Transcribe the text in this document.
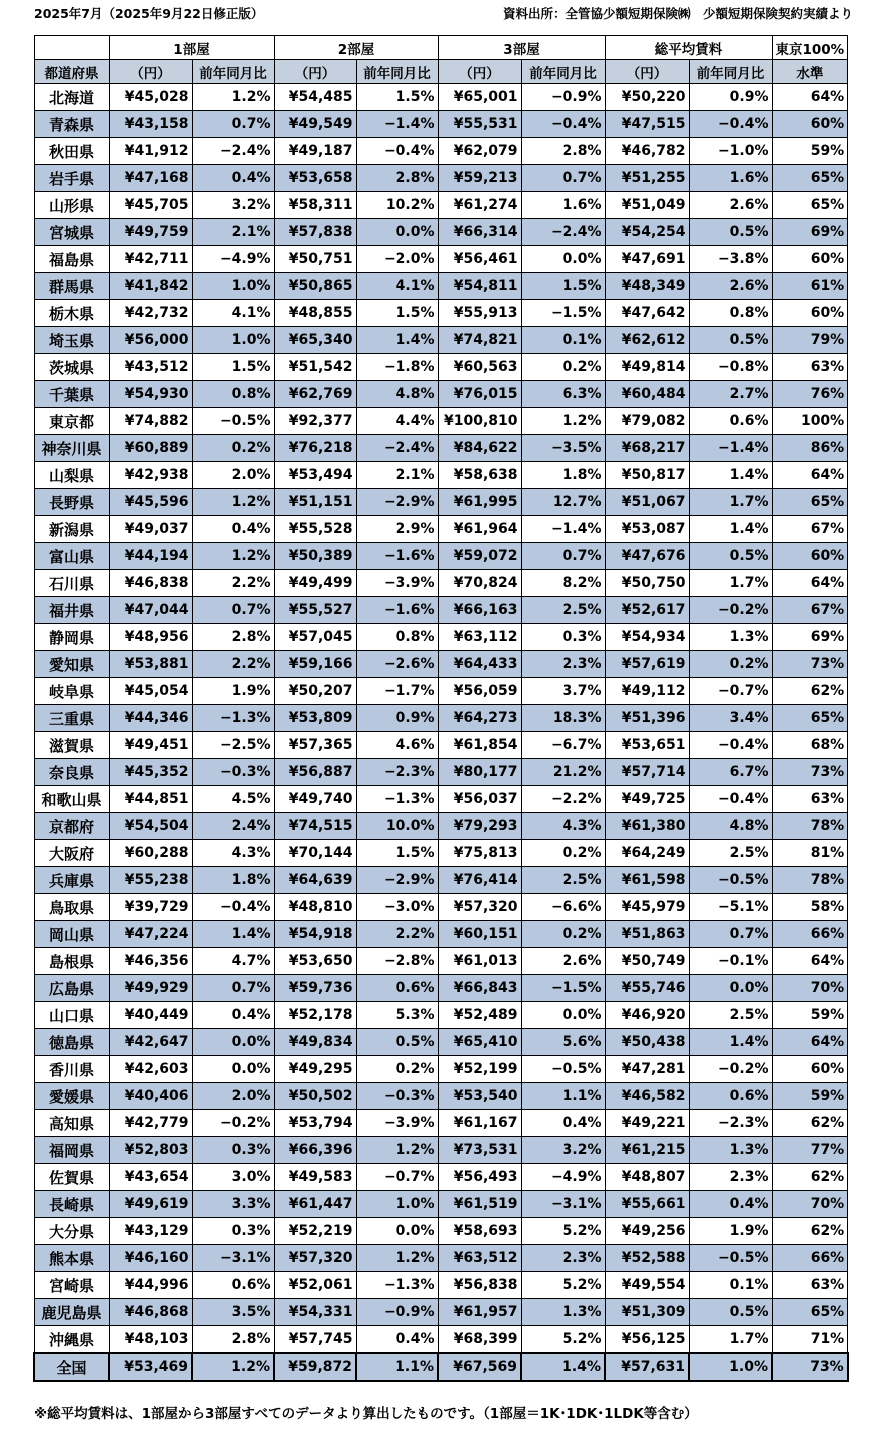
2025年7月（2025年9月22日修正版）	資料出所：全管協少額短期保険㈱　少額短期保険契約実績より
	1部屋		2部屋		3部屋		総平均賃料		東京100%
都道府県	（円）	前年同月比	（円）	前年同月比	（円）	前年同月比	（円）	前年同月比	水準
北海道	¥45,028	1.2%	¥54,485	1.5%	¥65,001	−0.9%	¥50,220	0.9%	64%
青森県	¥43,158	0.7%	¥49,549	−1.4%	¥55,531	−0.4%	¥47,515	−0.4%	60%
秋田県	¥41,912	−2.4%	¥49,187	−0.4%	¥62,079	2.8%	¥46,782	−1.0%	59%
岩手県	¥47,168	0.4%	¥53,658	2.8%	¥59,213	0.7%	¥51,255	1.6%	65%
山形県	¥45,705	3.2%	¥58,311	10.2%	¥61,274	1.6%	¥51,049	2.6%	65%
宮城県	¥49,759	2.1%	¥57,838	0.0%	¥66,314	−2.4%	¥54,254	0.5%	69%
福島県	¥42,711	−4.9%	¥50,751	−2.0%	¥56,461	0.0%	¥47,691	−3.8%	60%
群馬県	¥41,842	1.0%	¥50,865	4.1%	¥54,811	1.5%	¥48,349	2.6%	61%
栃木県	¥42,732	4.1%	¥48,855	1.5%	¥55,913	−1.5%	¥47,642	0.8%	60%
埼玉県	¥56,000	1.0%	¥65,340	1.4%	¥74,821	0.1%	¥62,612	0.5%	79%
茨城県	¥43,512	1.5%	¥51,542	−1.8%	¥60,563	0.2%	¥49,814	−0.8%	63%
千葉県	¥54,930	0.8%	¥62,769	4.8%	¥76,015	6.3%	¥60,484	2.7%	76%
東京都	¥74,882	−0.5%	¥92,377	4.4%	¥100,810	1.2%	¥79,082	0.6%	100%
神奈川県	¥60,889	0.2%	¥76,218	−2.4%	¥84,622	−3.5%	¥68,217	−1.4%	86%
山梨県	¥42,938	2.0%	¥53,494	2.1%	¥58,638	1.8%	¥50,817	1.4%	64%
長野県	¥45,596	1.2%	¥51,151	−2.9%	¥61,995	12.7%	¥51,067	1.7%	65%
新潟県	¥49,037	0.4%	¥55,528	2.9%	¥61,964	−1.4%	¥53,087	1.4%	67%
富山県	¥44,194	1.2%	¥50,389	−1.6%	¥59,072	0.7%	¥47,676	0.5%	60%
石川県	¥46,838	2.2%	¥49,499	−3.9%	¥70,824	8.2%	¥50,750	1.7%	64%
福井県	¥47,044	0.7%	¥55,527	−1.6%	¥66,163	2.5%	¥52,617	−0.2%	67%
静岡県	¥48,956	2.8%	¥57,045	0.8%	¥63,112	0.3%	¥54,934	1.3%	69%
愛知県	¥53,881	2.2%	¥59,166	−2.6%	¥64,433	2.3%	¥57,619	0.2%	73%
岐阜県	¥45,054	1.9%	¥50,207	−1.7%	¥56,059	3.7%	¥49,112	−0.7%	62%
三重県	¥44,346	−1.3%	¥53,809	0.9%	¥64,273	18.3%	¥51,396	3.4%	65%
滋賀県	¥49,451	−2.5%	¥57,365	4.6%	¥61,854	−6.7%	¥53,651	−0.4%	68%
奈良県	¥45,352	−0.3%	¥56,887	−2.3%	¥80,177	21.2%	¥57,714	6.7%	73%
和歌山県	¥44,851	4.5%	¥49,740	−1.3%	¥56,037	−2.2%	¥49,725	−0.4%	63%
京都府	¥54,504	2.4%	¥74,515	10.0%	¥79,293	4.3%	¥61,380	4.8%	78%
大阪府	¥60,288	4.3%	¥70,144	1.5%	¥75,813	0.2%	¥64,249	2.5%	81%
兵庫県	¥55,238	1.8%	¥64,639	−2.9%	¥76,414	2.5%	¥61,598	−0.5%	78%
鳥取県	¥39,729	−0.4%	¥48,810	−3.0%	¥57,320	−6.6%	¥45,979	−5.1%	58%
岡山県	¥47,224	1.4%	¥54,918	2.2%	¥60,151	0.2%	¥51,863	0.7%	66%
島根県	¥46,356	4.7%	¥53,650	−2.8%	¥61,013	2.6%	¥50,749	−0.1%	64%
広島県	¥49,929	0.7%	¥59,736	0.6%	¥66,843	−1.5%	¥55,746	0.0%	70%
山口県	¥40,449	0.4%	¥52,178	5.3%	¥52,489	0.0%	¥46,920	2.5%	59%
徳島県	¥42,647	0.0%	¥49,834	0.5%	¥65,410	5.6%	¥50,438	1.4%	64%
香川県	¥42,603	0.0%	¥49,295	0.2%	¥52,199	−0.5%	¥47,281	−0.2%	60%
愛媛県	¥40,406	2.0%	¥50,502	−0.3%	¥53,540	1.1%	¥46,582	0.6%	59%
高知県	¥42,779	−0.2%	¥53,794	−3.9%	¥61,167	0.4%	¥49,221	−2.3%	62%
福岡県	¥52,803	0.3%	¥66,396	1.2%	¥73,531	3.2%	¥61,215	1.3%	77%
佐賀県	¥43,654	3.0%	¥49,583	−0.7%	¥56,493	−4.9%	¥48,807	2.3%	62%
長崎県	¥49,619	3.3%	¥61,447	1.0%	¥61,519	−3.1%	¥55,661	0.4%	70%
大分県	¥43,129	0.3%	¥52,219	0.0%	¥58,693	5.2%	¥49,256	1.9%	62%
熊本県	¥46,160	−3.1%	¥57,320	1.2%	¥63,512	2.3%	¥52,588	−0.5%	66%
宮崎県	¥44,996	0.6%	¥52,061	−1.3%	¥56,838	5.2%	¥49,554	0.1%	63%
鹿児島県	¥46,868	3.5%	¥54,331	−0.9%	¥61,957	1.3%	¥51,309	0.5%	65%
沖縄県	¥48,103	2.8%	¥57,745	0.4%	¥68,399	5.2%	¥56,125	1.7%	71%
全国	¥53,469	1.2%	¥59,872	1.1%	¥67,569	1.4%	¥57,631	1.0%	73%
※総平均賃料は、1部屋から3部屋すべてのデータより算出したものです。（1部屋＝1K･1DK･1LDK等含む）
